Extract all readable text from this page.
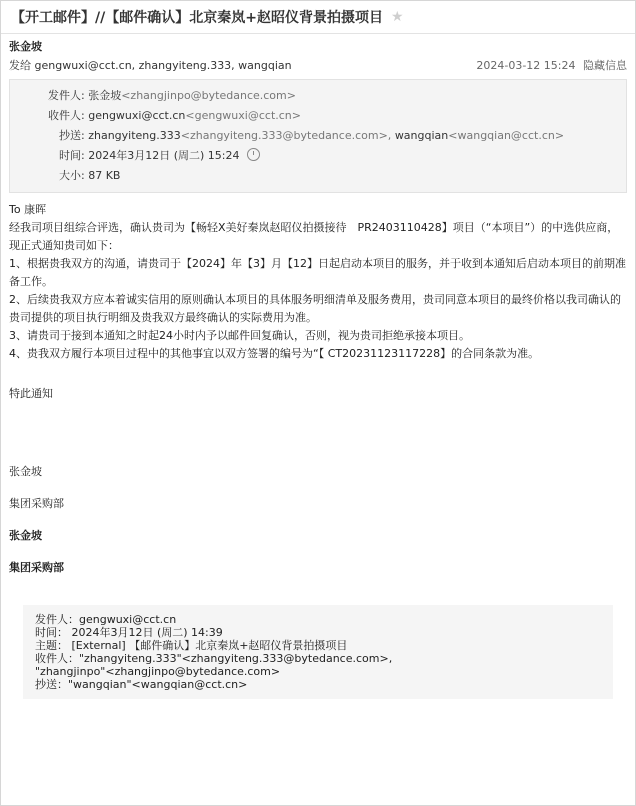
【开工邮件】//【邮件确认】北京秦岚+赵昭仪背景拍摄项目 ★
张金坡
发给 gengwuxi@cct.cn, zhangyiteng.333, wangqian	2024-03-12 15:24 隐藏信息
发件人: 张金坡<zhangjinpo@bytedance.com>
收件人: gengwuxi@cct.cn<gengwuxi@cct.cn>
抄送: zhangyiteng.333<zhangyiteng.333@bytedance.com>, wangqian<wangqian@cct.cn>
时间: 2024年3月12日 (周二) 15:24
大小: 87 KB

To 康晖

经我司项目组综合评选，确认贵司为【畅轻X美好秦岚赵昭仪拍摄接待　PR2403110428】项目（“本项目”）的中选供应商，现正式通知贵司如下：

1、根据贵我双方的沟通，请贵司于【2024】年【3】月【12】日起启动本项目的服务，并于收到本通知后启动本项目的前期准备工作。

2、后续贵我双方应本着诚实信用的原则确认本项目的具体服务明细清单及服务费用，贵司同意本项目的最终价格以我司确认的贵司提供的项目执行明细及贵我双方最终确认的实际费用为准。

3、请贵司于接到本通知之时起24小时内予以邮件回复确认，否则，视为贵司拒绝承接本项目。

4、贵我双方履行本项目过程中的其他事宜以双方签署的编号为“【 CT20231123117228】的合同条款为准。

特此通知

张金坡

集团采购部

张金坡

集团采购部

发件人：gengwuxi@cct.cn
时间： 2024年3月12日 (周二) 14:39
主题： [External] 【邮件确认】北京秦岚+赵昭仪背景拍摄项目
收件人："zhangyiteng.333"<zhangyiteng.333@bytedance.com>,
"zhangjinpo"<zhangjinpo@bytedance.com>
抄送："wangqian"<wangqian@cct.cn>
